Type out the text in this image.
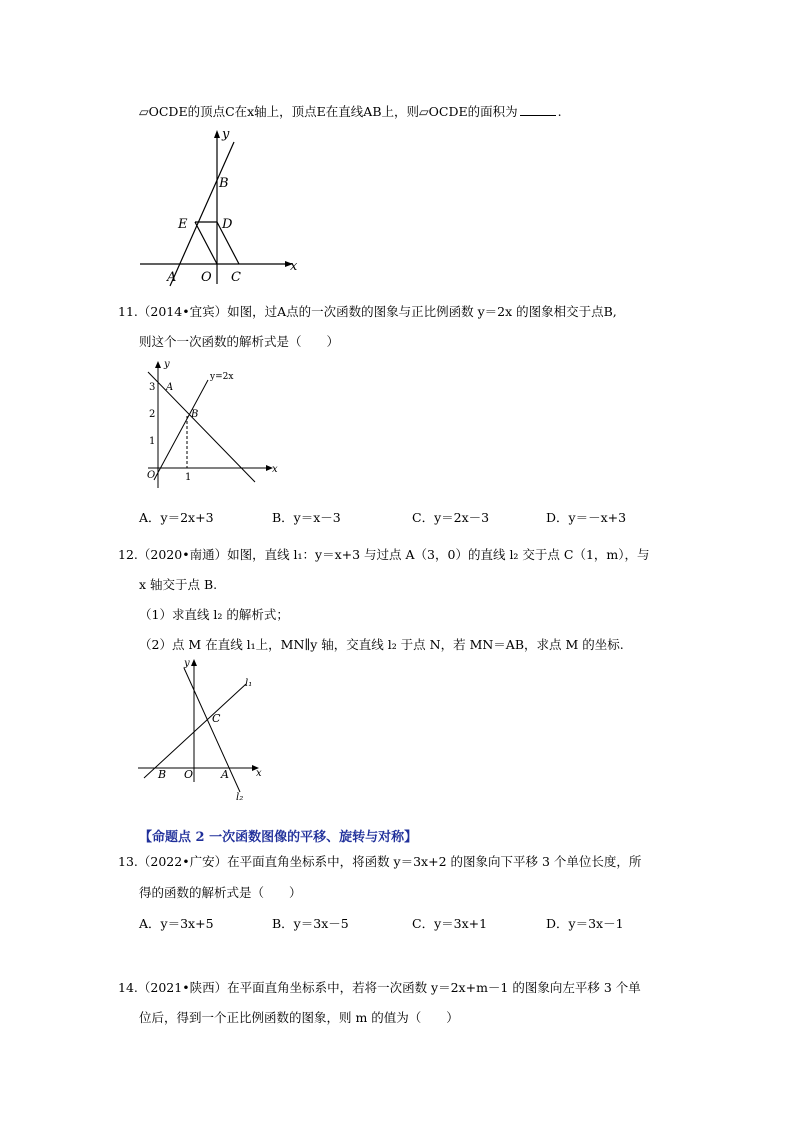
▱OCDE的顶点C在x轴上，顶点E在直线AB上，则▱OCDE的面积为	.
y
x
B
E	D
A O C
11.（2014•宜宾）如图，过A点的一次函数的图象与正比例函数 y＝2x 的图象相交于点B,
则这个一次函数的解析式是（　　）
y
x
A
B
O
3
2
1
1
y=2x
A．y＝2x+3	B．y＝x－3	C．y＝2x－3	D．y＝－x+3
12.（2020•南通）如图，直线 l₁：y＝x+3 与过点 A（3，0）的直线 l₂ 交于点 C（1，m），与
x 轴交于点 B.
（1）求直线 l₂ 的解析式；
（2）点 M 在直线 l₁上，MN∥y 轴，交直线 l₂ 于点 N，若 MN＝AB，求点 M 的坐标.
y
x
l₁
l₂
C
B O	A
【命题点 2 一次函数图像的平移、旋转与对称】
13.（2022•广安）在平面直角坐标系中，将函数 y＝3x+2 的图象向下平移 3 个单位长度，所
得的函数的解析式是（　　）
A．y＝3x+5	B．y＝3x－5	C．y＝3x+1	D．y＝3x－1
14.（2021•陕西）在平面直角坐标系中，若将一次函数 y＝2x+m－1 的图象向左平移 3 个单
位后，得到一个正比例函数的图象，则 m 的值为（　　）
